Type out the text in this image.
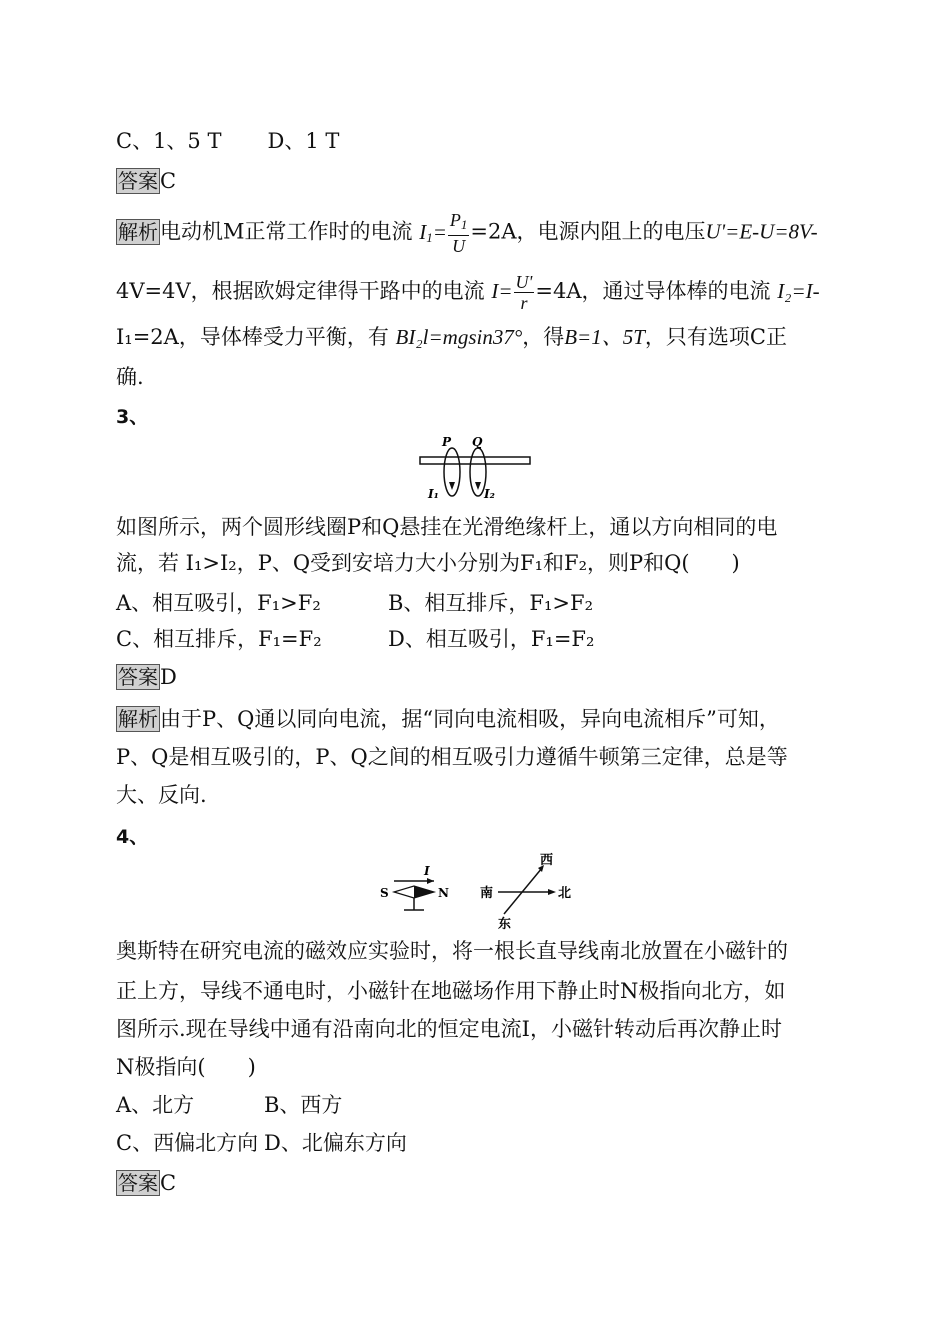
C、1、5 T D、1 T
答案C
解析电动机M正常工作时的电流 $I_1= \frac{P_1}{U} =2A$，电源内阻上的电压U'=E-U=8V-
4V=4V，根据欧姆定律得干路中的电流 $I= \frac{U'}{r} =4A$，通过导体棒的电流 I₂=I-
I₁=2A，导体棒受力平衡，有 BI₂l=mgsin37°，得B=1、5T，只有选项C正
确.
3、
P Q
I₁	I₂
如图所示，两个圆形线圈P和Q悬挂在光滑绝缘杆上，通以方向相同的电
流，若 I₁>I₂，P、Q受到安培力大小分别为F₁和F₂，则P和Q(　　)
A、相互吸引，F₁>F₂	B、相互排斥，F₁>F₂
C、相互排斥，F₁=F₂	D、相互吸引，F₁=F₂
答案D
解析由于P、Q通以同向电流，据“同向电流相吸，异向电流相斥”可知，
P、Q是相互吸引的，P、Q之间的相互吸引力遵循牛顿第三定律，总是等
大、反向.
4、
I
S	N 南	北
西
东
奥斯特在研究电流的磁效应实验时，将一根长直导线南北放置在小磁针的
正上方，导线不通电时，小磁针在地磁场作用下静止时N极指向北方，如
图所示.现在导线中通有沿南向北的恒定电流I，小磁针转动后再次静止时
N极指向(　　)
A、北方	B、西方
C、西偏北方向 D、北偏东方向
答案C
